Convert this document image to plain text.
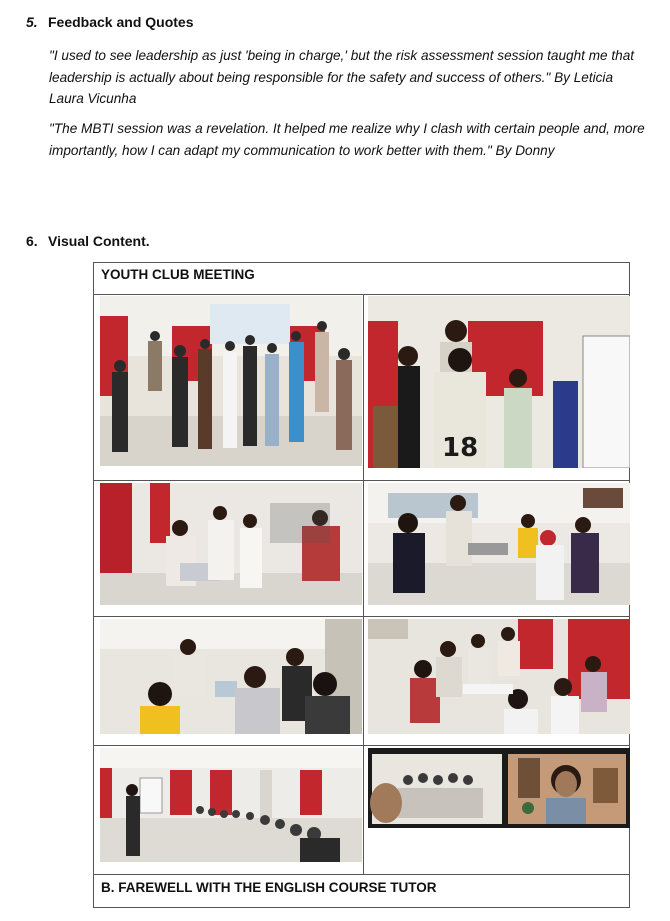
5. Feedback and Quotes
"I used to see leadership as just 'being in charge,' but the risk assessment session taught me that leadership is actually about being responsible for the safety and success of others." By Leticia Laura Vicunha
"The MBTI session was a revelation. It helped me realize why I clash with certain people and, more importantly, how I can adapt my communication to work better with them." By Donny
6. Visual Content.
YOUTH CLUB MEETING
18
B. FAREWELL WITH THE ENGLISH COURSE TUTOR
